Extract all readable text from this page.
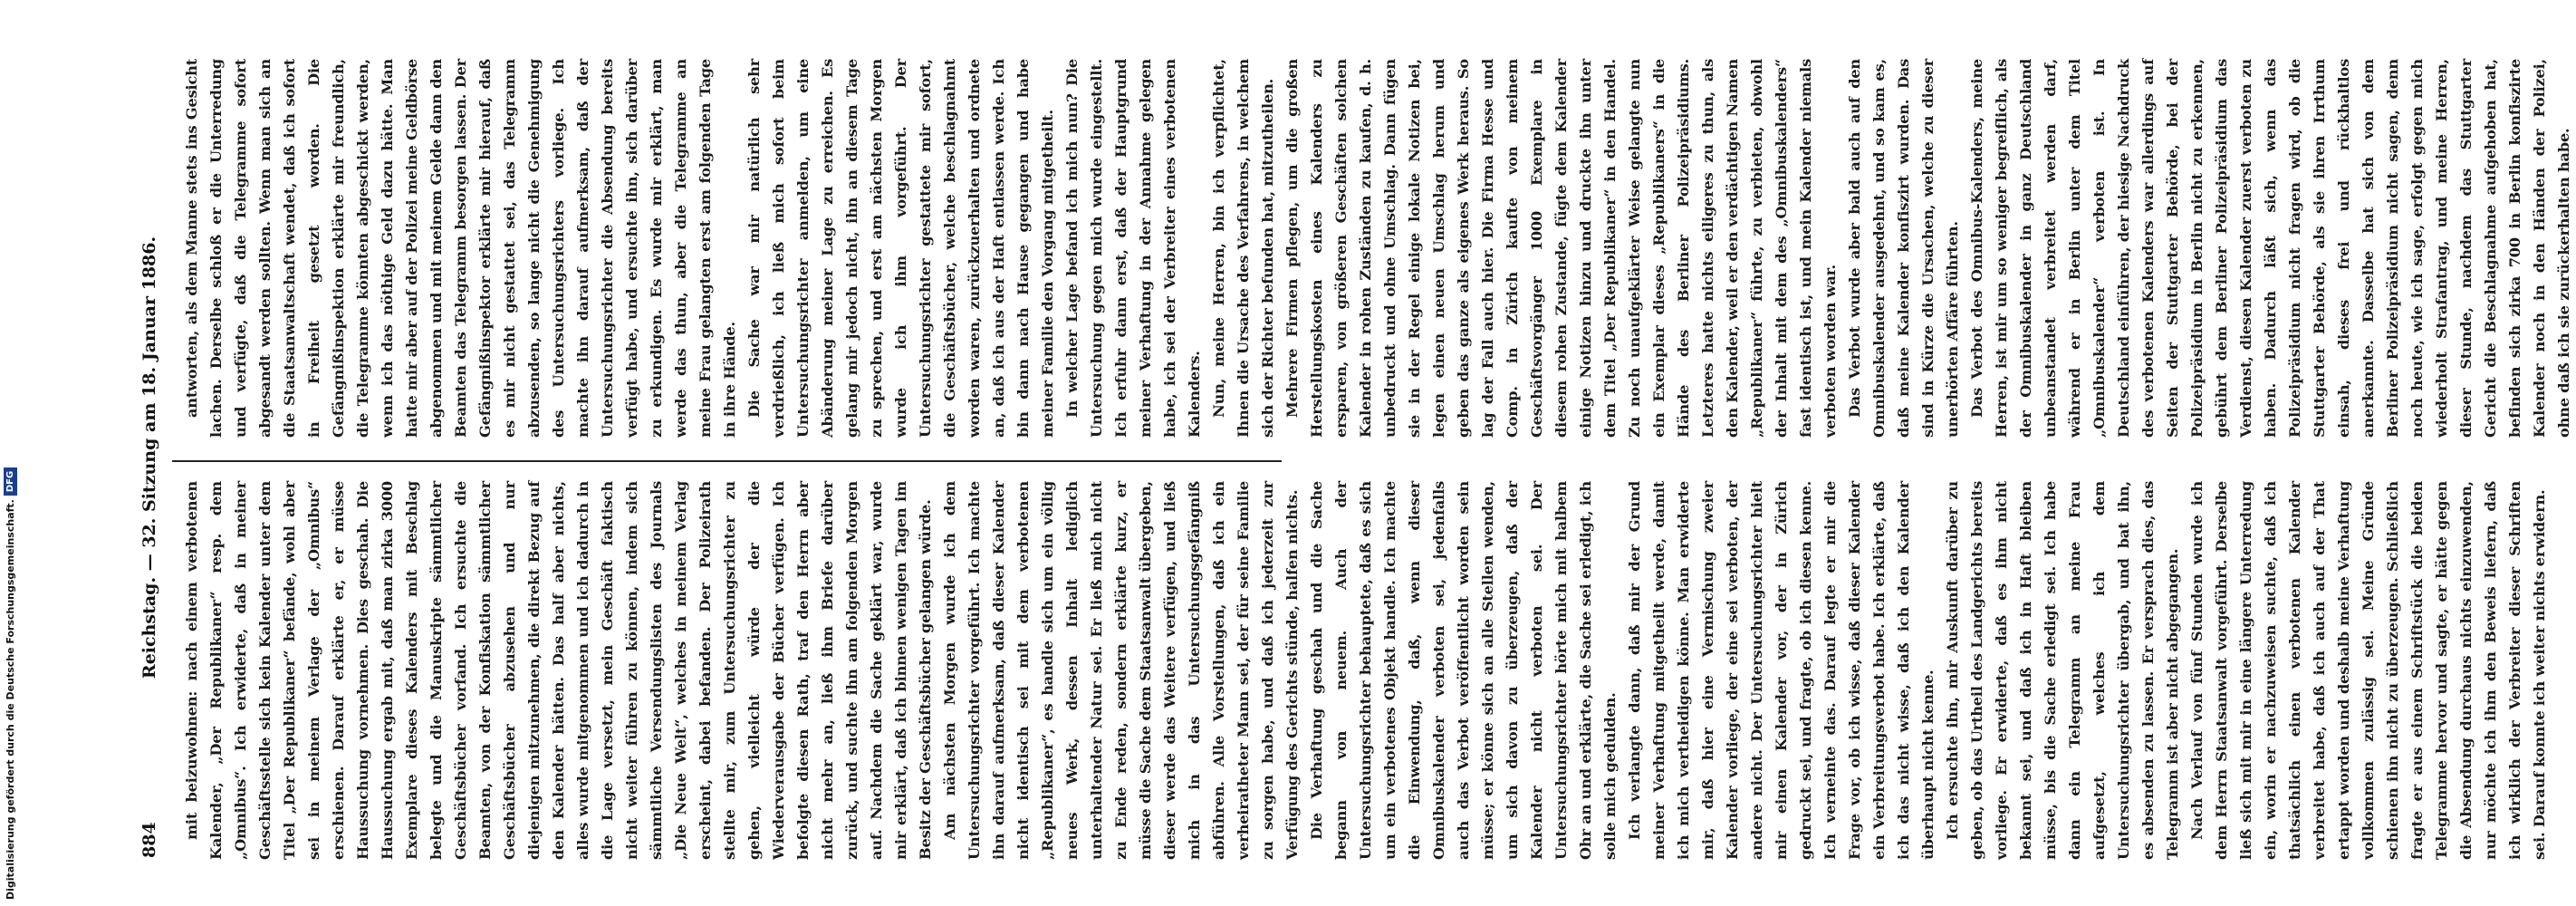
884
Reichstag. — 32. Sitzung am 18. Januar 1886. mit beizuwohnen: nach einem verbotenen Kalender, „Der Republikaner“ resp. dem „Omnibus“. Ich erwiderte, daß in meiner Geschäftsstelle sich kein Kalender unter dem Titel „Der Republikaner“ befände, wohl aber sei in meinem Verlage der „Omnibus“ erschienen. Darauf erklärte er, er müsse Haussuchung vornehmen. Dies geschah. Die Haussuchung ergab mit, daß man zirka 3000 Exemplare dieses Kalenders mit Beschlag belegte und die Manuskripte sämmtlicher Geschäftsbücher vorfand. Ich ersuchte die Beamten, von der Konfiskation sämmtlicher Geschäftsbücher abzusehen und nur diejenigen mitzunehmen, die direkt Bezug auf den Kalender hätten. Das half aber nichts, alles wurde mitgenommen und ich dadurch in die Lage versetzt, mein Geschäft faktisch nicht weiter führen zu können, indem sich sämmtliche Versendungslisten des Journals „Die Neue Welt“, welches in meinem Verlag erscheint, dabei befanden. Der Polizeirath stellte mir, zum Untersuchungsrichter zu gehen, vielleicht würde der die Wiederverausgabe der Bücher verfügen. Ich befolgte diesen Rath, traf den Herrn aber nicht mehr an, ließ ihm Briefe darüber zurück, und suchte ihn am folgenden Morgen auf. Nachdem die Sache geklärt war, wurde mir erklärt, daß ich binnen wenigen Tagen im Besitz der Geschäftsbücher gelangen würde. Am nächsten Morgen wurde ich dem Untersuchungsrichter vorgeführt. Ich machte ihn darauf aufmerksam, daß dieser Kalender nicht identisch sei mit dem verbotenen „Republikaner“, es handle sich um ein völlig neues Werk, dessen Inhalt lediglich unterhaltender Natur sei. Er ließ mich nicht zu Ende reden, sondern erklärte kurz, er müsse die Sache dem Staatsanwalt übergeben, dieser werde das Weitere verfügen, und ließ mich in das Untersuchungsgefängniß abführen. Alle Vorstellungen, daß ich ein verheiratheter Mann sei, der für seine Familie zu sorgen habe, und daß ich jederzeit zur Verfügung des Gerichts stünde, halfen nichts. Die Verhaftung geschah und die Sache begann von neuem. Auch der Untersuchungsrichter behauptete, daß es sich um ein verbotenes Objekt handle. Ich machte die Einwendung, daß, wenn dieser Omnibuskalender verboten sei, jedenfalls auch das Verbot veröffentlicht worden sein müsse; er könne sich an alle Stellen wenden, um sich davon zu überzeugen, daß der Kalender nicht verboten sei. Der Untersuchungsrichter hörte mich mit halbem Ohr an und erklärte, die Sache sei erledigt, ich solle mich gedulden. Ich verlangte dann, daß mir der Grund meiner Verhaftung mitgetheilt werde, damit ich mich vertheidigen könne. Man erwiderte mir, daß hier eine Vermischung zweier Kalender vorliege, der eine sei verboten, der andere nicht. Der Untersuchungsrichter hielt mir einen Kalender vor, der in Zürich gedruckt sei, und fragte, ob ich diesen kenne. Ich verneinte das. Darauf legte er mir die Frage vor, ob ich wisse, daß dieser Kalender ein Verbreitungsverbot habe. Ich erklärte, daß ich das nicht wisse, daß ich den Kalender überhaupt nicht kenne. Ich ersuchte ihn, mir Auskunft darüber zu geben, ob das Urtheil des Landgerichts bereits vorliege. Er erwiderte, daß es ihm nicht bekannt sei, und daß ich in Haft bleiben müsse, bis die Sache erledigt sei. Ich habe dann ein Telegramm an meine Frau aufgesetzt, welches ich dem Untersuchungsrichter übergab, und bat ihn, es absenden zu lassen. Er versprach dies, das Telegramm ist aber nicht abgegangen. Nach Verlauf von fünf Stunden wurde ich dem Herrn Staatsanwalt vorgeführt. Derselbe ließ sich mit mir in eine längere Unterredung ein, worin er nachzuweisen suchte, daß ich thatsächlich einen verbotenen Kalender verbreitet habe, daß ich auch auf der That ertappt worden und deshalb meine Verhaftung vollkommen zulässig sei. Meine Gründe schienen ihn nicht zu überzeugen. Schließlich fragte er aus einem Schriftstück die beiden Telegramme hervor und sagte, er hätte gegen die Absendung durchaus nichts einzuwenden, nur möchte ich ihm den Beweis liefern, daß ich wirklich der Verbreiter dieser Schriften sei. Darauf konnte ich weiter nichts erwidern.

antworten, als dem Manne stets ins Gesicht lachen. Derselbe schloß er die Unterredung und verfügte, daß die Telegramme sofort abgesandt werden sollten. Wenn man sich an die Staatsanwaltschaft wendet, daß ich sofort in Freiheit gesetzt worden. Die Gefängnißinspektion erklärte mir freundlich, die Telegramme könnten abgeschickt werden, wenn ich das nöthige Geld dazu hätte. Man hatte mir aber auf der Polizei meine Geldbörse abgenommen und mit meinem Gelde dann den Beamten das Telegramm besorgen lassen. Der Gefängnißinspektor erklärte mir hierauf, daß es mir nicht gestattet sei, das Telegramm abzusenden, so lange nicht die Genehmigung des Untersuchungsrichters vorliege. Ich machte ihn darauf aufmerksam, daß der Untersuchungsrichter die Absendung bereits verfügt habe, und ersuchte ihn, sich darüber zu erkundigen. Es wurde mir erklärt, man werde das thun, aber die Telegramme an meine Frau gelangten erst am folgenden Tage in ihre Hände. Die Sache war mir natürlich sehr verdrießlich, ich ließ mich sofort beim Untersuchungsrichter anmelden, um eine Abänderung meiner Lage zu erreichen. Es gelang mir jedoch nicht, ihn an diesem Tage zu sprechen, und erst am nächsten Morgen wurde ich ihm vorgeführt. Der Untersuchungsrichter gestattete mir sofort, die Geschäftsbücher, welche beschlagnahmt worden waren, zurückzuerhalten und ordnete an, daß ich aus der Haft entlassen werde. Ich bin dann nach Hause gegangen und habe meiner Familie den Vorgang mitgetheilt. In welcher Lage befand ich mich nun? Die Untersuchung gegen mich wurde eingestellt. Ich erfuhr dann erst, daß der Hauptgrund meiner Verhaftung in der Annahme gelegen habe, ich sei der Verbreiter eines verbotenen Kalenders. Nun, meine Herren, bin ich verpflichtet, Ihnen die Ursache des Verfahrens, in welchem sich der Richter befunden hat, mitzutheilen. Mehrere Firmen pflegen, um die großen Herstellungskosten eines Kalenders zu ersparen, von größeren Geschäften solchen Kalender in rohen Zuständen zu kaufen, d. h. unbedruckt und ohne Umschlag. Dann fügen sie in der Regel einige lokale Notizen bei, legen einen neuen Umschlag herum und geben das ganze als eigenes Werk heraus. So lag der Fall auch hier. Die Firma Hesse und Comp. in Zürich kaufte von meinem Geschäftsvorgänger 1000 Exemplare in diesem rohen Zustande, fügte dem Kalender einige Notizen hinzu und druckte ihn unter dem Titel „Der Republikaner“ in den Handel. Zu noch unaufgeklärter Weise gelangte nun ein Exemplar dieses „Republikaners“ in die Hände des Berliner Polizeipräsidiums. Letzteres hatte nichts eiligeres zu thun, als den Kalender, weil er den verdächtigen Namen „Republikaner“ führte, zu verbieten, obwohl der Inhalt mit dem des „Omnibuskalenders“ fast identisch ist, und mein Kalender niemals verboten worden war. Das Verbot wurde aber bald auch auf den Omnibuskalender ausgedehnt, und so kam es, daß meine Kalender konfiszirt wurden. Das sind in Kürze die Ursachen, welche zu dieser unerhörten Affäre führten. Das Verbot des Omnibus-Kalenders, meine Herren, ist mir um so weniger begreiflich, als der Omnibuskalender in ganz Deutschland unbeanstandet verbreitet werden darf, während er in Berlin unter dem Titel „Omnibuskalender“ verboten ist. In Deutschland einführen, der hiesige Nachdruck des verbotenen Kalenders war allerdings auf Seiten der Stuttgarter Behörde, bei der Polizeipräsidium in Berlin nicht zu erkennen, gebührt dem Berliner Polizeipräsidium das Verdienst, diesen Kalender zuerst verboten zu haben. Dadurch läßt sich, wenn das Polizeipräsidium nicht fragen wird, ob die Stuttgarter Behörde, als sie ihren Irrthum einsah, dieses frei und rückhaltlos anerkannte. Dasselbe hat sich von dem Berliner Polizeipräsidium nicht sagen, denn noch heute, wie ich sage, erfolgt gegen mich wiederholt Strafantrag, und meine Herren, dieser Stunde, nachdem das Stuttgarter Gericht die Beschlagnahme aufgehoben hat, befinden sich zirka 700 in Berlin konfiszirte Kalender noch in den Händen der Polizei, ohne daß ich sie zurückerhalten habe.

Digitalisierung gefördert durch die Deutsche Forschungsgemeinschaft.
DFG
